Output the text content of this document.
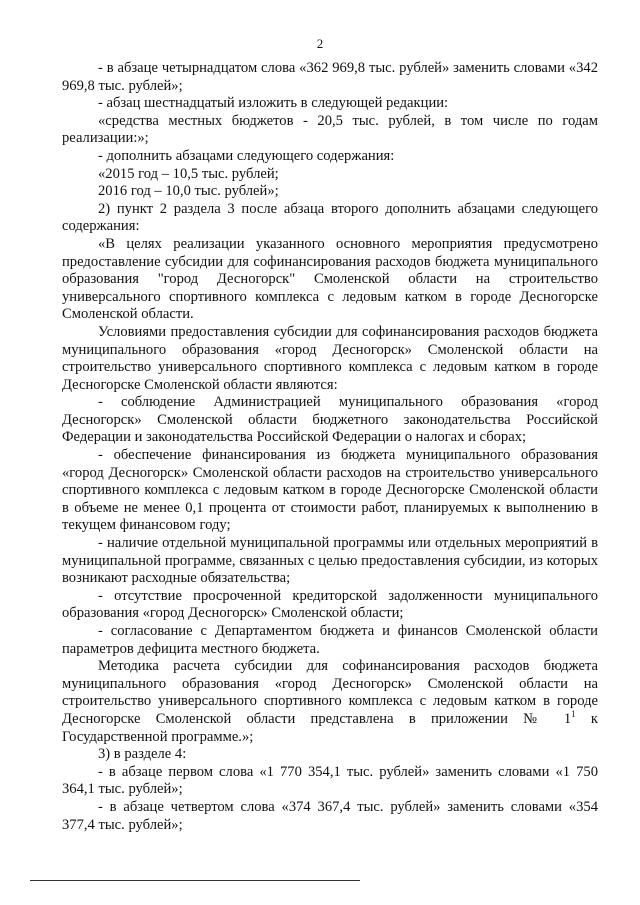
2

- в абзаце четырнадцатом слова «362 969,8 тыс. рублей» заменить словами «342 969,8 тыс. рублей»;

- абзац шестнадцатый изложить в следующей редакции:

«средства местных бюджетов - 20,5 тыс. рублей, в том числе по годам реализации:»;

- дополнить абзацами следующего содержания:

«2015 год – 10,5 тыс. рублей;

2016 год – 10,0 тыс. рублей»;

2) пункт 2 раздела 3 после абзаца второго дополнить абзацами следующего содержания:

«В целях реализации указанного основного мероприятия предусмотрено предоставление субсидии для софинансирования расходов бюджета муниципального образования "город Десногорск" Смоленской области на строительство универсального спортивного комплекса с ледовым катком в городе Десногорске Смоленской области.

Условиями предоставления субсидии для софинансирования расходов бюджета муниципального образования «город Десногорск» Смоленской области на строительство универсального спортивного комплекса с ледовым катком в городе Десногорске Смоленской области являются:

- соблюдение Администрацией муниципального образования «город Десногорск» Смоленской области бюджетного законодательства Российской Федерации и законодательства Российской Федерации о налогах и сборах;

- обеспечение финансирования из бюджета муниципального образования «город Десногорск» Смоленской области расходов на строительство универсального спортивного комплекса с ледовым катком в городе Десногорске Смоленской области в объеме не менее 0,1 процента от стоимости работ, планируемых к выполнению в текущем финансовом году;

- наличие отдельной муниципальной программы или отдельных мероприятий в муниципальной программе, связанных с целью предоставления субсидии, из которых возникают расходные обязательства;

- отсутствие просроченной кредиторской задолженности муниципального образования «город Десногорск» Смоленской области;

- согласование с Департаментом бюджета и финансов Смоленской области параметров дефицита местного бюджета.

Методика расчета субсидии для софинансирования расходов бюджета муниципального образования «город Десногорск» Смоленской области на строительство универсального спортивного комплекса с ледовым катком в городе Десногорске Смоленской области представлена в приложении № $1^1$ к Государственной программе.»;

3) в разделе 4:

- в абзаце первом слова «1 770 354,1 тыс. рублей» заменить словами «1 750 364,1 тыс. рублей»;

- в абзаце четвертом слова «374 367,4 тыс. рублей» заменить словами «354 377,4 тыс. рублей»;
